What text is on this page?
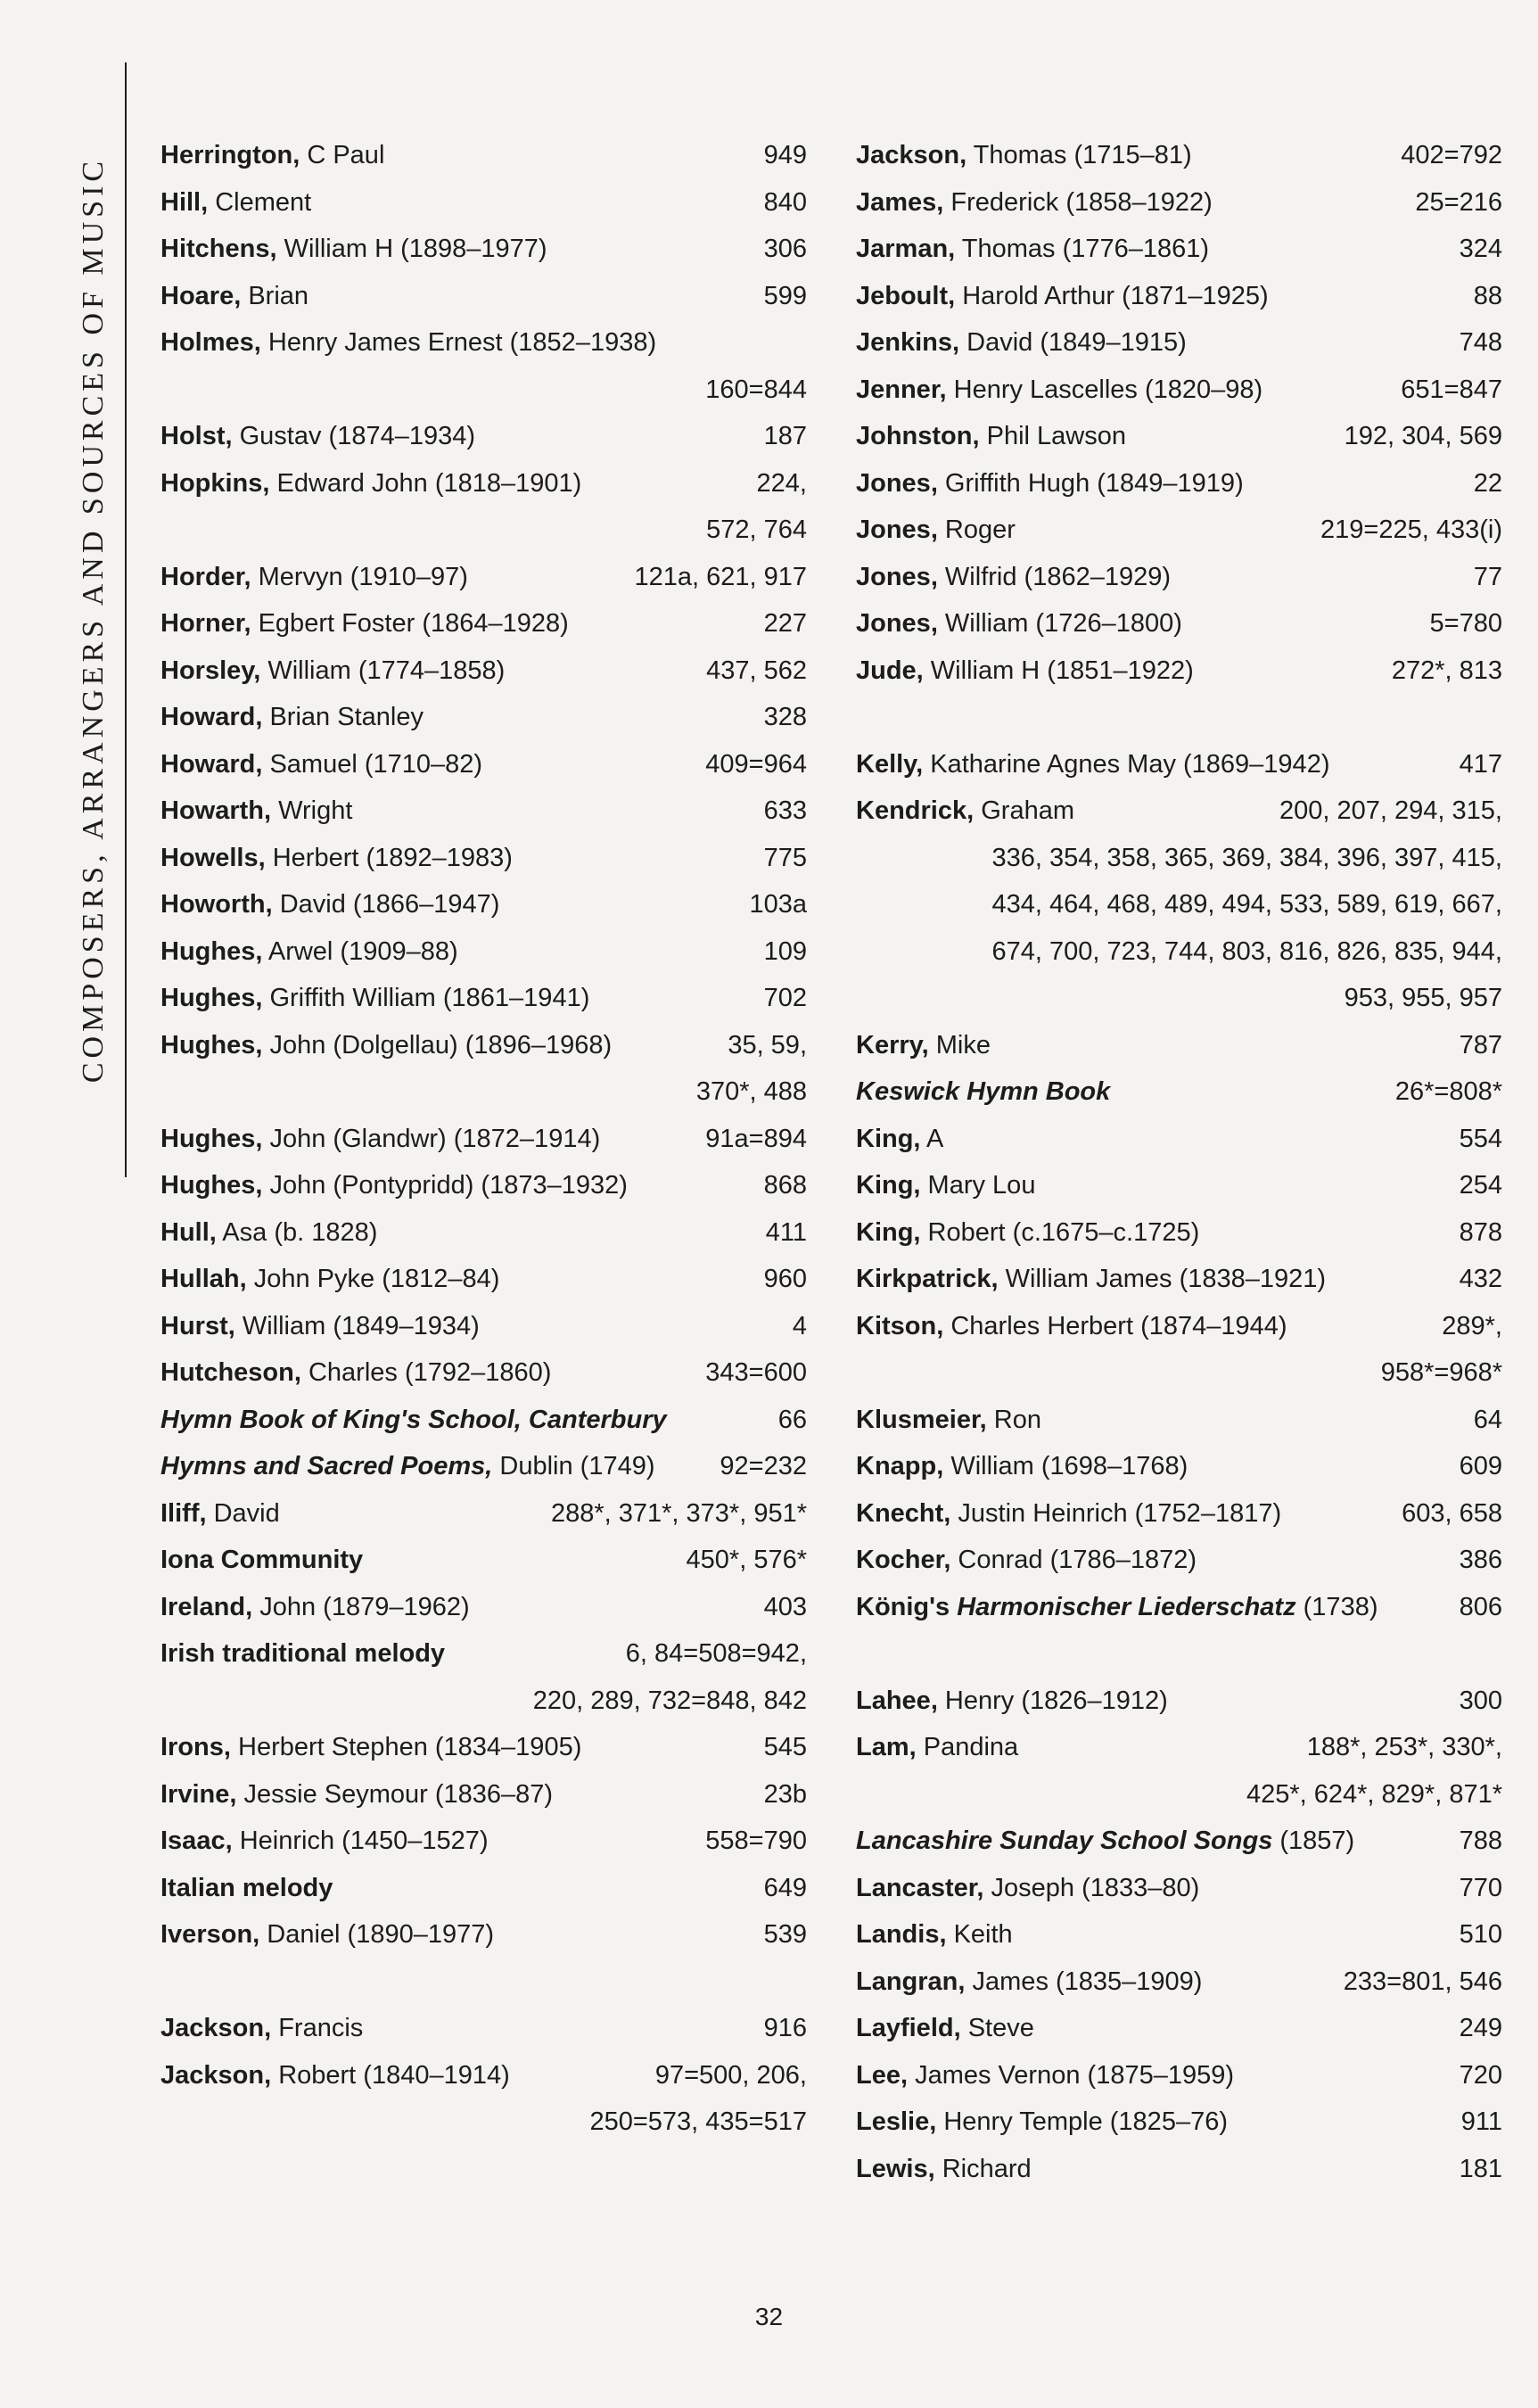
COMPOSERS, ARRANGERS AND SOURCES OF MUSIC
Herrington, C Paul	949
Hill, Clement	840
Hitchens, William H (1898–1977)	306
Hoare, Brian	599
Holmes, Henry James Ernest (1852–1938)
160=844
Holst, Gustav (1874–1934)	187
Hopkins, Edward John (1818–1901)	224,
572, 764
Horder, Mervyn (1910–97)	121a, 621, 917
Horner, Egbert Foster (1864–1928)	227
Horsley, William (1774–1858)	437, 562
Howard, Brian Stanley	328
Howard, Samuel (1710–82)	409=964
Howarth, Wright	633
Howells, Herbert (1892–1983)	775
Howorth, David (1866–1947)	103a
Hughes, Arwel (1909–88)	109
Hughes, Griffith William (1861–1941)	702
Hughes, John (Dolgellau) (1896–1968)	35, 59,
370*, 488
Hughes, John (Glandwr) (1872–1914)	91a=894
Hughes, John (Pontypridd) (1873–1932)	868
Hull, Asa (b. 1828)	411
Hullah, John Pyke (1812–84)	960
Hurst, William (1849–1934)	4
Hutcheson, Charles (1792–1860)	343=600
Hymn Book of King's School, Canterbury	66
Hymns and Sacred Poems, Dublin (1749)	92=232
Iliff, David	288*, 371*, 373*, 951*
Iona Community	450*, 576*
Ireland, John (1879–1962)	403
Irish traditional melody	6, 84=508=942,
220, 289, 732=848, 842
Irons, Herbert Stephen (1834–1905)	545
Irvine, Jessie Seymour (1836–87)	23b
Isaac, Heinrich (1450–1527)	558=790
Italian melody	649
Iverson, Daniel (1890–1977)	539
Jackson, Francis	916
Jackson, Robert (1840–1914)	97=500, 206,
250=573, 435=517
Jackson, Thomas (1715–81)	402=792
James, Frederick (1858–1922)	25=216
Jarman, Thomas (1776–1861)	324
Jeboult, Harold Arthur (1871–1925)	88
Jenkins, David (1849–1915)	748
Jenner, Henry Lascelles (1820–98)	651=847
Johnston, Phil Lawson	192, 304, 569
Jones, Griffith Hugh (1849–1919)	22
Jones, Roger	219=225, 433(i)
Jones, Wilfrid (1862–1929)	77
Jones, William (1726–1800)	5=780
Jude, William H (1851–1922)	272*, 813
Kelly, Katharine Agnes May (1869–1942)	417
Kendrick, Graham	200, 207, 294, 315,
336, 354, 358, 365, 369, 384, 396, 397, 415,
434, 464, 468, 489, 494, 533, 589, 619, 667,
674, 700, 723, 744, 803, 816, 826, 835, 944,
953, 955, 957
Kerry, Mike	787
Keswick Hymn Book	26*=808*
King, A	554
King, Mary Lou	254
King, Robert (c.1675–c.1725)	878
Kirkpatrick, William James (1838–1921)	432
Kitson, Charles Herbert (1874–1944)	289*,
958*=968*
Klusmeier, Ron	64
Knapp, William (1698–1768)	609
Knecht, Justin Heinrich (1752–1817)	603, 658
Kocher, Conrad (1786–1872)	386
König's Harmonischer Liederschatz (1738)	806
Lahee, Henry (1826–1912)	300
Lam, Pandina	188*, 253*, 330*,
425*, 624*, 829*, 871*
Lancashire Sunday School Songs (1857)	788
Lancaster, Joseph (1833–80)	770
Landis, Keith	510
Langran, James (1835–1909)	233=801, 546
Layfield, Steve	249
Lee, James Vernon (1875–1959)	720
Leslie, Henry Temple (1825–76)	911
Lewis, Richard	181
32
